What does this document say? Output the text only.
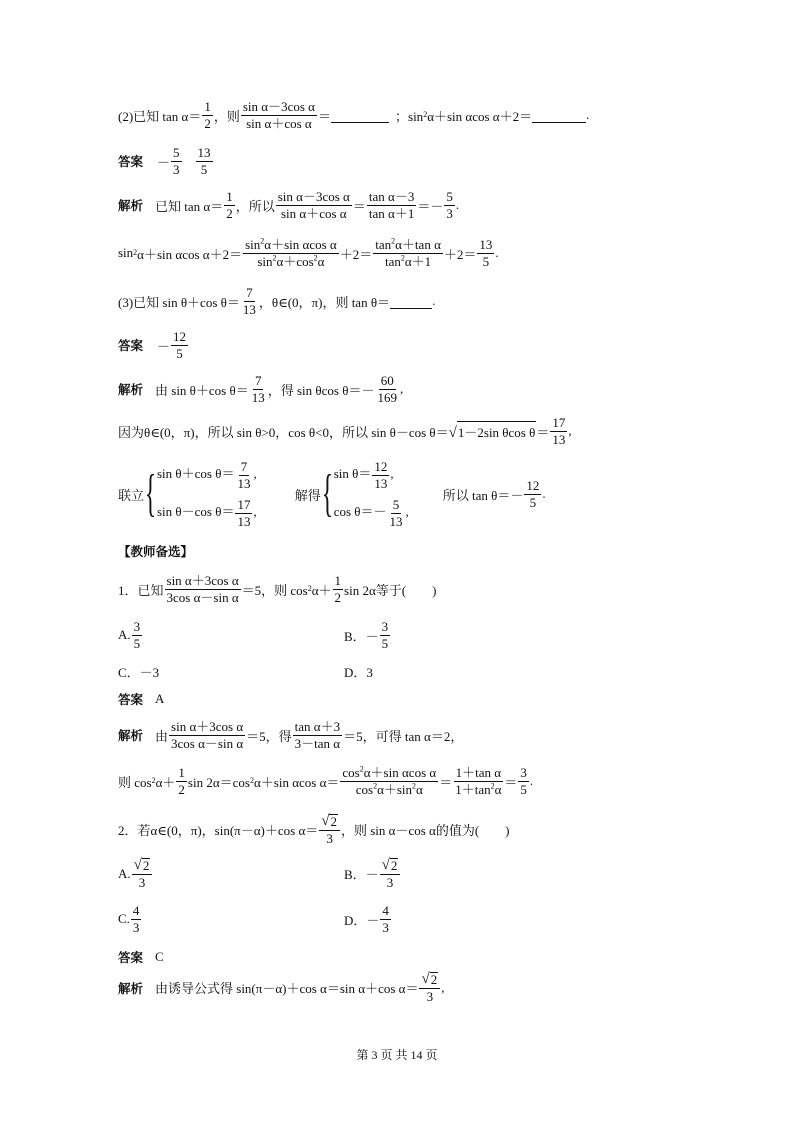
(2)已知 $\tan \alpha= \frac{1}{2}$ ，则 $\frac{\text{sin α－3cos α}}{\text{sin α＋cos α}}$ ＝	；sin 2 α＋sin αcos α＋2＝	.
答案 － $\frac{5}{3} \frac{13}{5}$
解析 已知 $\tan \alpha= \frac{1}{2}$ ，所以 $\frac{\text{sin α－3cos α}}{\text{sin α＋cos α}} = \frac{\text{tan α－3}}{\text{tan α＋1}} =- \frac{5}{3}$ .
sin 2 α＋sin αcos $\alpha+2= \frac{\sin^2\alpha+\sin \alpha\cos \alpha}{\sin^2\alpha+\cos^2\alpha} +2= \frac{\tan^2\alpha+\tan \alpha}{\tan^2\alpha+1} +2= \frac{13}{5}$ .
(3)已知 sin θ＋cos $\theta= \frac{7}{13}$ ，θ∈(0，π)，则 tan θ＝	.
答案 － $\frac{12}{5}$
解析 由 sin θ＋cos $\theta= \frac{7}{13}$ ，得 sin θcos $\theta=- \frac{60}{169}$ ,
因为θ∈(0，π)，所以 sin θ>0，cos θ<0，所以 sin θ－cos θ＝ √ 1－2sin θcos $\theta = \frac{17}{13}$ ,
联立 { sin θ＋cos $\theta= \frac{7}{13}$ ,
sin θ－cos $\theta= \frac{17}{13}$ ,
解得 { $\sin \theta= \frac{12}{13}$ ,
$\cos \theta=- \frac{5}{13}$ ,
所以 $\tan \theta=- \frac{12}{5}$ .
【教师备选】
1．已知 $\frac{\text{sin α＋3cos α}}{\text{3cos α－sin α}} =5$，则 cos 2 $\alpha+ \frac{1}{2}$ sin 2α等于(　　)
A. $\frac{3}{5}$	B．－ $\frac{3}{5}$
C．－3	D．3
答案 A
解析 由 $\frac{\text{sin α＋3cos α}}{\text{3cos α－sin α}} =5$，得 $\frac{\text{tan α＋3}}{\text{3－tan α}} =5$，可得 tan α＝2，
则 cos 2 $\alpha+ \frac{1}{2}$ sin 2α＝cos 2 α＋sin αcos $\alpha= \frac{\cos^2\alpha+\sin \alpha\cos \alpha}{\cos^2\alpha+\sin^2\alpha} = \frac{\text{1＋tan α}}{1+\tan^2\alpha} = \frac{3}{5}$ .
2．若α∈(0，π)，sin(π－α)＋cos $\alpha= \frac{√ 2}{3}$ ，则 sin α－cos α的值为(　　)
A. $\frac{√ 2}{3}$	B．－ $\frac{√ 2}{3}$
C. $\frac{4}{3}$	D．－ $\frac{4}{3}$
答案 C
解析 由诱导公式得 sin(π－α)＋cos α＝sin α＋cos $\alpha= \frac{√ 2}{3}$ ,
第 3 页 共 14 页
